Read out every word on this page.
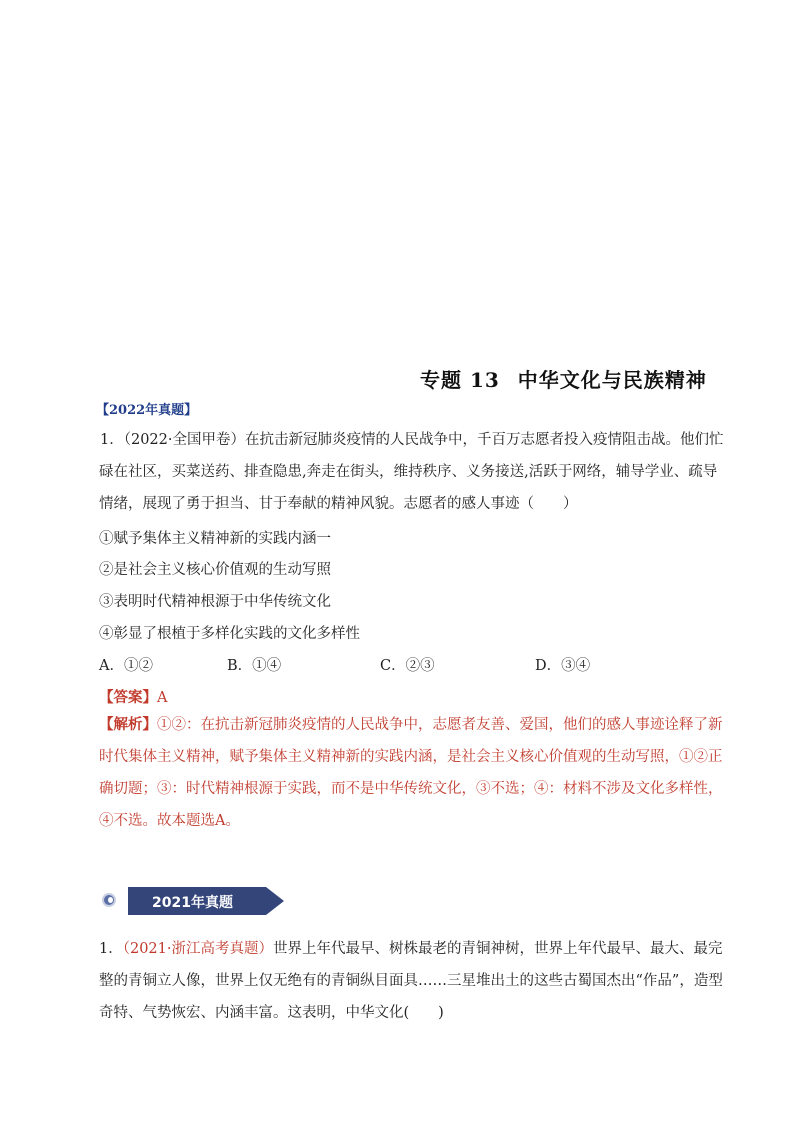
专题 13 中华文化与民族精神
【2022年真题】
1．（2022·全国甲卷）在抗击新冠肺炎疫情的人民战争中，千百万志愿者投入疫情阻击战。他们忙碌在社区，买菜送药、排查隐患,奔走在街头，维持秩序、义务接送,活跃于网络，辅导学业、疏导情绪，展现了勇于担当、甘于奉献的精神风貌。志愿者的感人事迹（　　）
①赋予集体主义精神新的实践内涵一
②是社会主义核心价值观的生动写照
③表明时代精神根源于中华传统文化
④彰显了根植于多样化实践的文化多样性
A．①②	B．①④	C．②③	D．③④
【答案】A
【解析】①②：在抗击新冠肺炎疫情的人民战争中，志愿者友善、爱国，他们的感人事迹诠释了新时代集体主义精神，赋予集体主义精神新的实践内涵，是社会主义核心价值观的生动写照，①②正确切题；③：时代精神根源于实践，而不是中华传统文化，③不选；④：材料不涉及文化多样性，④不选。故本题选A。
2021年真题
1．（2021·浙江高考真题）世界上年代最早、树株最老的青铜神树，世界上年代最早、最大、最完整的青铜立人像，世界上仅无绝有的青铜纵目面具……三星堆出土的这些古蜀国杰出“作品”，造型奇特、气势恢宏、内涵丰富。这表明，中华文化(　　)
